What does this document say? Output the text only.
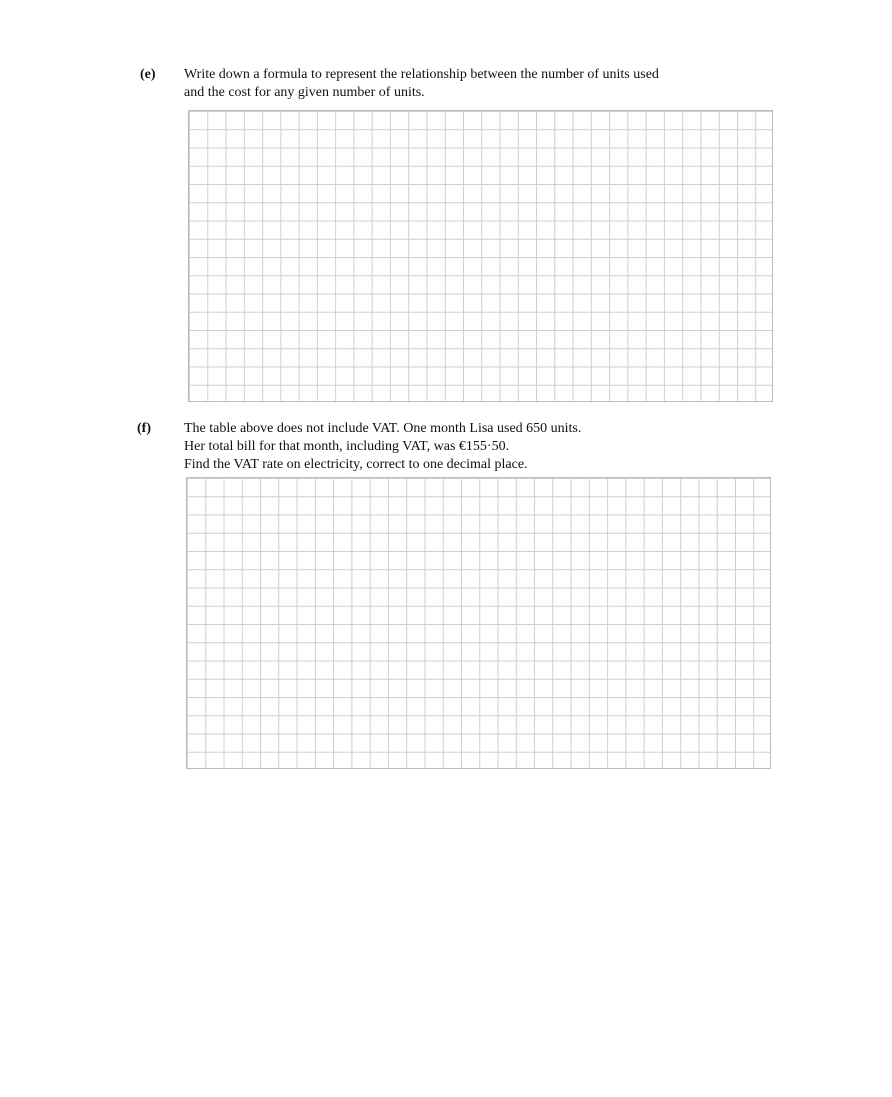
(e) Write down a formula to represent the relationship between the number of units used
and the cost for any given number of units.
(f) The table above does not include VAT. One month Lisa used 650 units.
Her total bill for that month, including VAT, was €155·50.
Find the VAT rate on electricity, correct to one decimal place.
